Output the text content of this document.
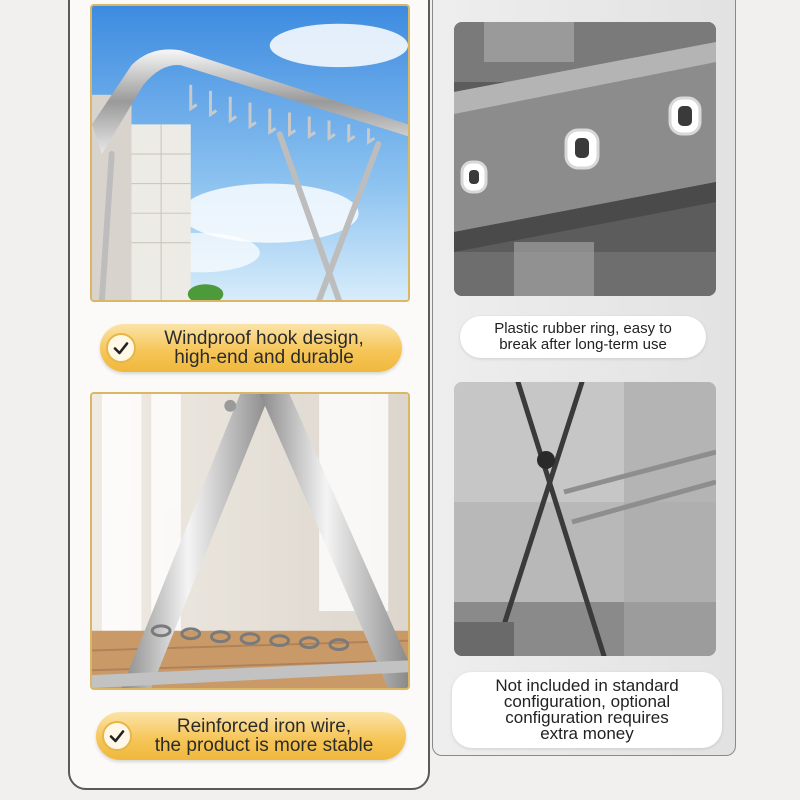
Windproof hook design,
high-end and durable
Reinforced iron wire,
the product is more stable
Plastic rubber ring, easy to
break after long-term use
Not included in standard
configuration, optional
configuration requires
extra money
